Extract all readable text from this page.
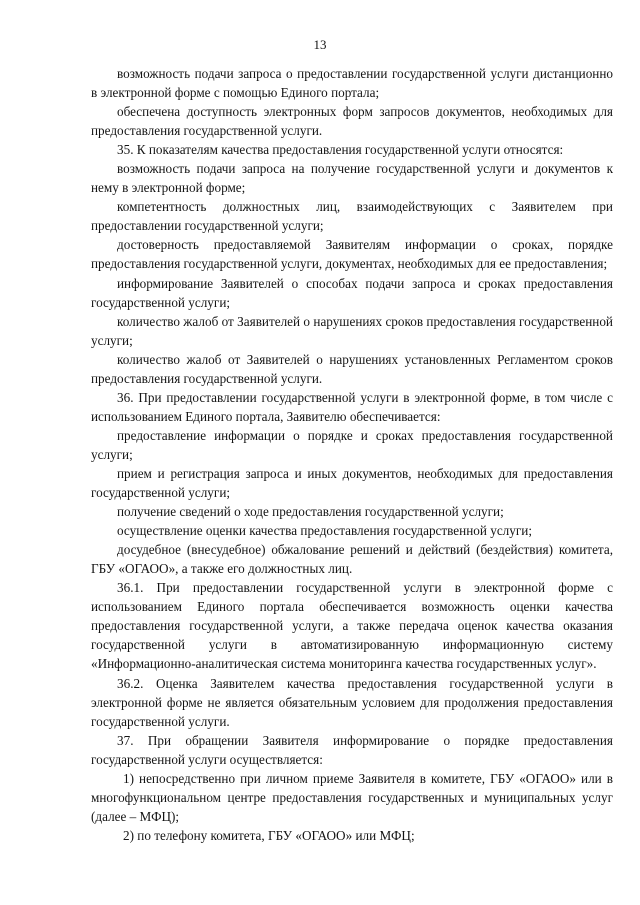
13

возможность подачи запроса о предоставлении государственной услуги дистанционно в электронной форме с помощью Единого портала;

обеспечена доступность электронных форм запросов документов, необходимых для предоставления государственной услуги.

35. К показателям качества предоставления государственной услуги относятся:

возможность подачи запроса на получение государственной услуги и документов к нему в электронной форме;

компетентность должностных лиц, взаимодействующих с Заявителем при предоставлении государственной услуги;

достоверность предоставляемой Заявителям информации о сроках, порядке предоставления государственной услуги, документах, необходимых для ее предоставления;

информирование Заявителей о способах подачи запроса и сроках предоставления государственной услуги;

количество жалоб от Заявителей о нарушениях сроков предоставления государственной услуги;

количество жалоб от Заявителей о нарушениях установленных Регламентом сроков предоставления государственной услуги.

36. При предоставлении государственной услуги в электронной форме, в том числе с использованием Единого портала, Заявителю обеспечивается:

предоставление информации о порядке и сроках предоставления государственной услуги;

прием и регистрация запроса и иных документов, необходимых для предоставления государственной услуги;

получение сведений о ходе предоставления государственной услуги;

осуществление оценки качества предоставления государственной услуги;

досудебное (внесудебное) обжалование решений и действий (бездействия) комитета, ГБУ «ОГАОО», а также его должностных лиц.

36.1. При предоставлении государственной услуги в электронной форме с использованием Единого портала обеспечивается возможность оценки качества предоставления государственной услуги, а также передача оценок качества оказания государственной услуги в автоматизированную информационную систему «Информационно-аналитическая система мониторинга качества государственных услуг».

36.2. Оценка Заявителем качества предоставления государственной услуги в электронной форме не является обязательным условием для продолжения предоставления государственной услуги.

37. При обращении Заявителя информирование о порядке предоставления государственной услуги осуществляется:

1) непосредственно при личном приеме Заявителя в комитете, ГБУ «ОГАОО» или в многофункциональном центре предоставления государственных и муниципальных услуг (далее – МФЦ);

2) по телефону комитета, ГБУ «ОГАОО» или МФЦ;
